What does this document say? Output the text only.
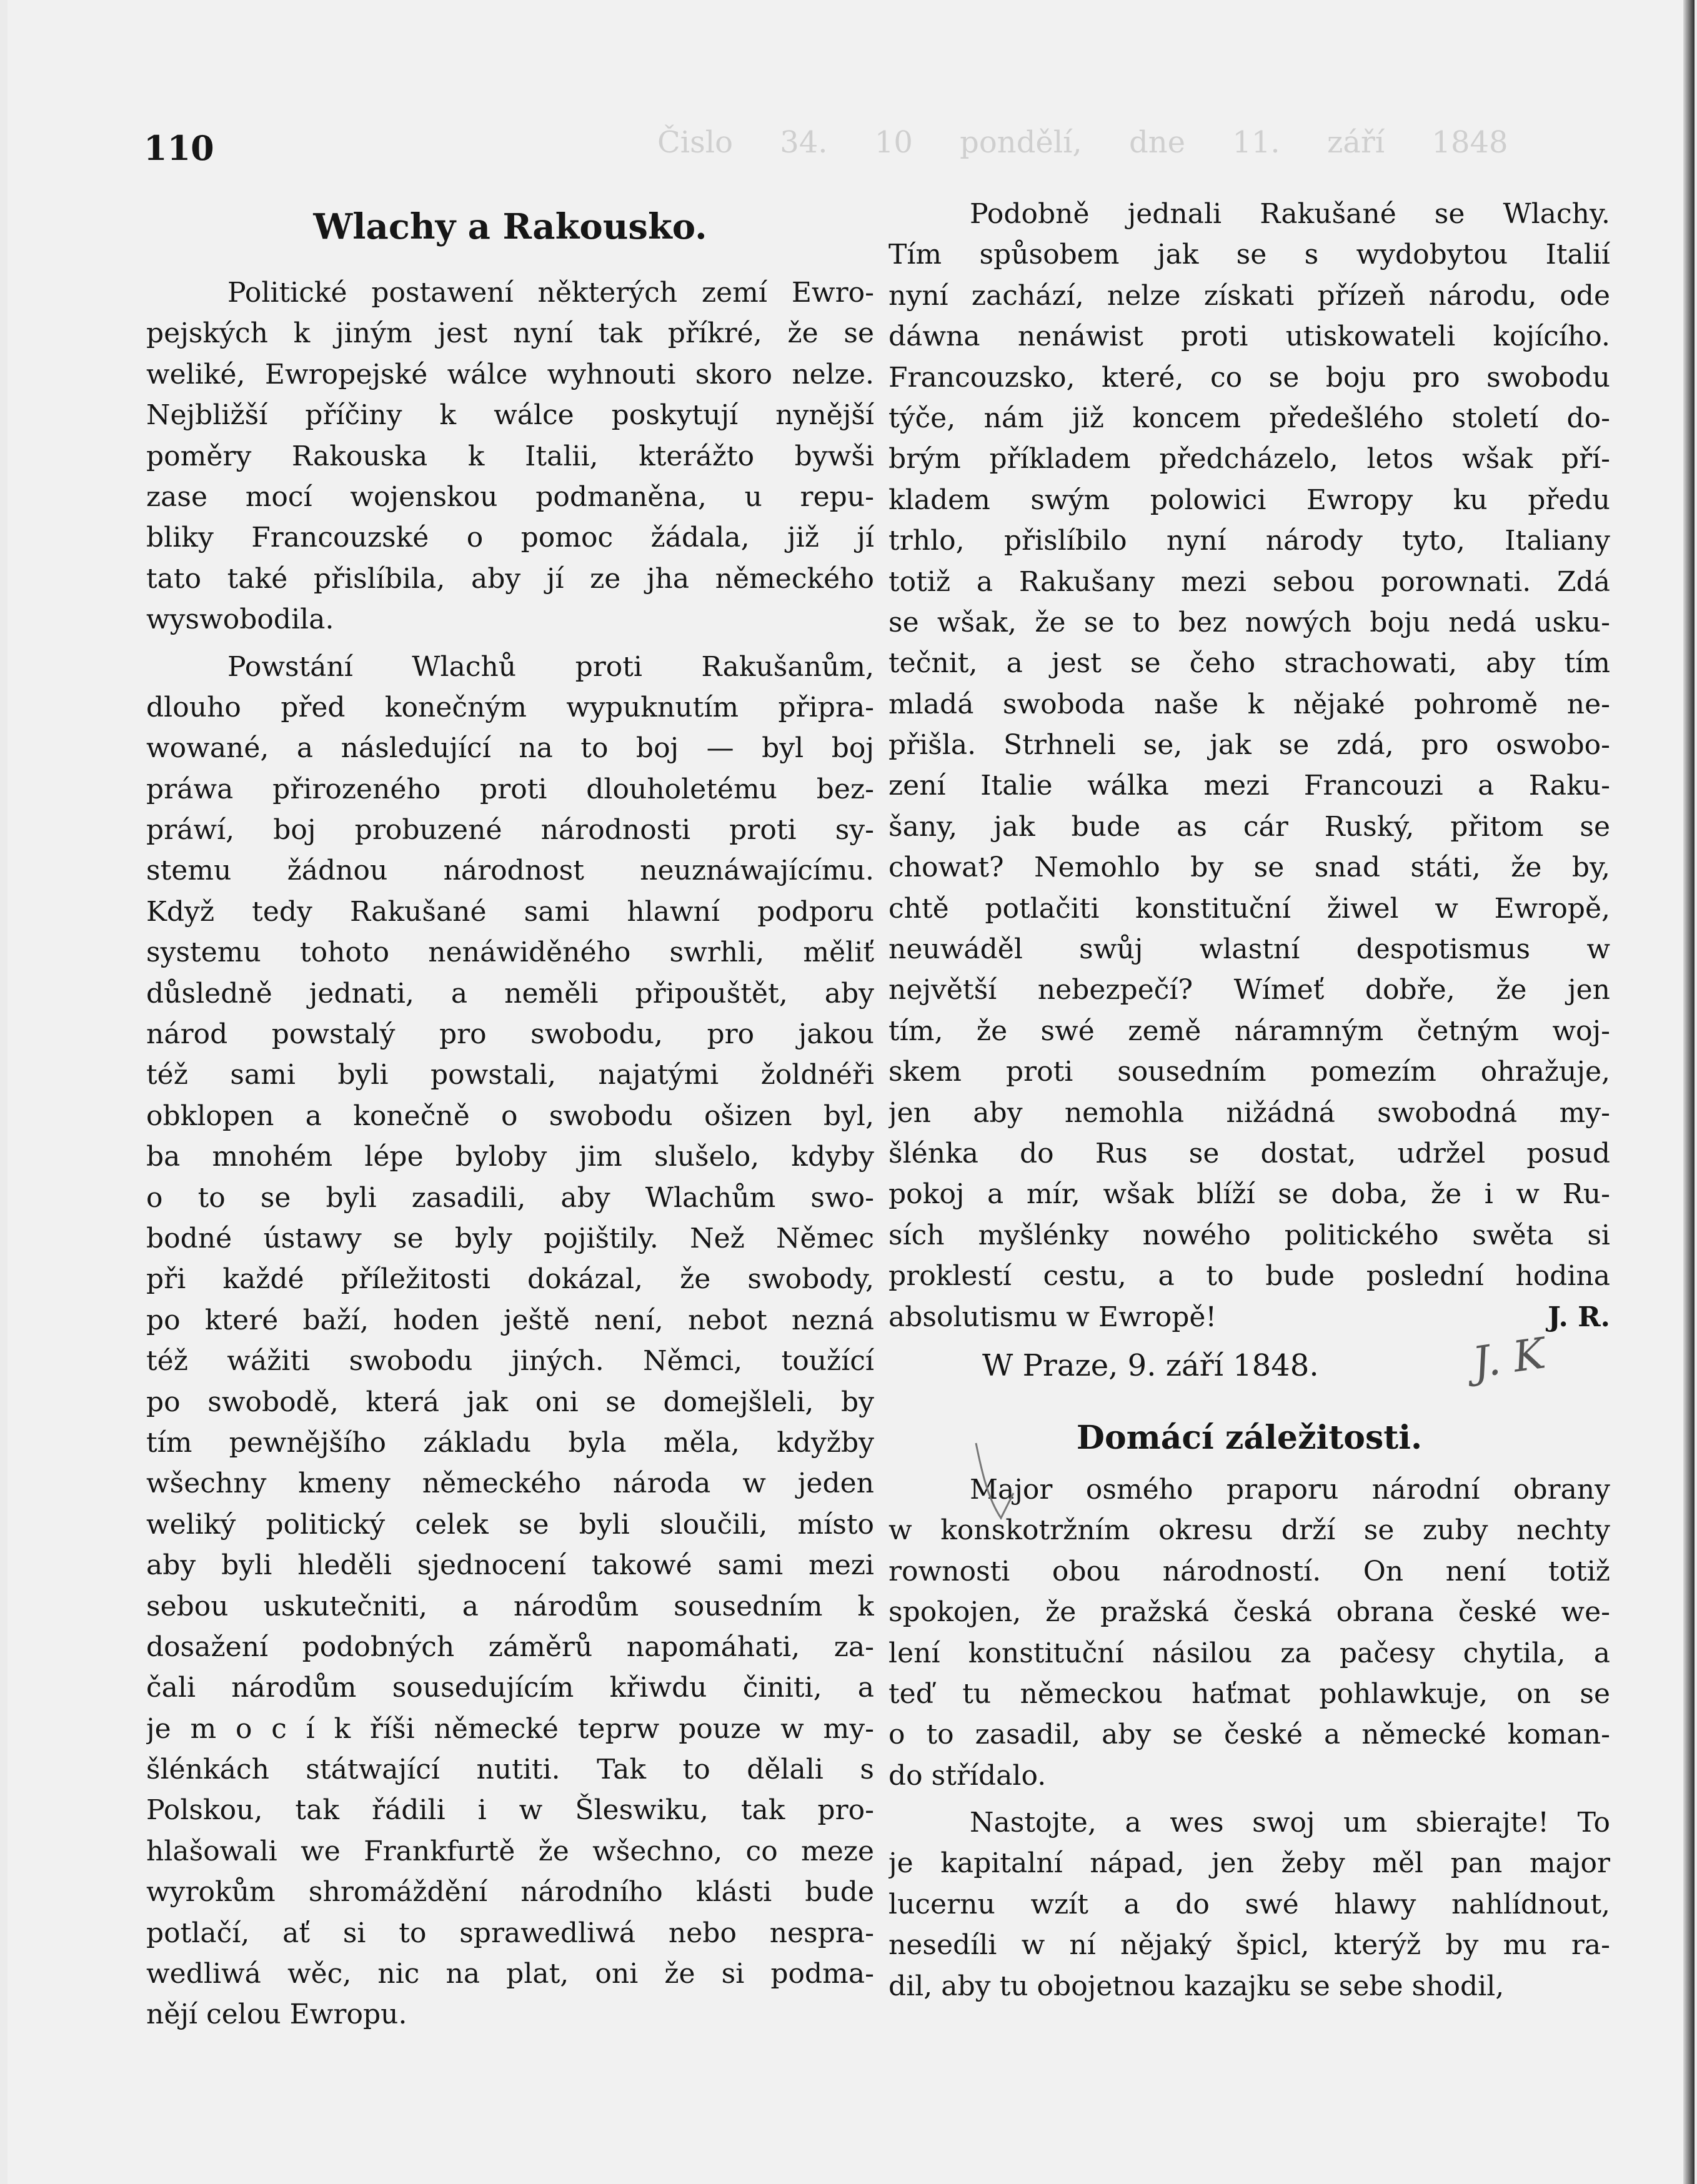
Čislo 34. 10 pondělí, dne 11. září 1848
110
Wlachy a Rakousko.
Politické postawení některých zemí Ewro-
pejských k jiným jest nyní tak příkré, že se
weliké, Ewropejské wálce wyhnouti skoro nelze.
Nejbližší příčiny k wálce poskytují nynější
poměry Rakouska k Italii, kterážto bywši
zase mocí wojenskou podmaněna, u repu-
bliky Francouzské o pomoc žádala, již jí
tato také přislíbila, aby jí ze jha německého
wyswobodila.
Powstání Wlachů proti Rakušanům,
dlouho před konečným wypuknutím připra-
wowané, a následující na to boj — byl boj
práwa přirozeného proti dlouholetému bez-
práwí, boj probuzené národnosti proti sy-
stemu žádnou národnost neuznáwajícímu.
Když tedy Rakušané sami hlawní podporu
systemu tohoto nenáwiděného swrhli, měliť
důsledně jednati, a neměli připouštět, aby
národ powstalý pro swobodu, pro jakou
též sami byli powstali, najatými žoldnéři
obklopen a konečně o swobodu ošizen byl,
ba mnohém lépe byloby jim slušelo, kdyby
o to se byli zasadili, aby Wlachům swo-
bodné ústawy se byly pojištily. Než Němec
při každé příležitosti dokázal, že swobody,
po které baží, hoden ještě není, nebot nezná
též wážiti swobodu jiných. Němci, toužící
po swobodě, která jak oni se domejšleli, by
tím pewnějšího základu byla měla, kdyžby
wšechny kmeny německého národa w jeden
weliký politický celek se byli sloučili, místo
aby byli hleděli sjednocení takowé sami mezi
sebou uskutečniti, a národům sousedním k
dosažení podobných záměrů napomáhati, za-
čali národům sousedujícím křiwdu činiti, a
je m o c í k říši německé teprw pouze w my-
šlénkách státwající nutiti. Tak to dělali s
Polskou, tak řádili i w Šleswiku, tak pro-
hlašowali we Frankfurtě že wšechno, co meze
wyrokům shromáždění národního klásti bude
potlačí, ať si to sprawedliwá nebo nespra-
wedliwá wěc, nic na plat, oni že si podma-
nějí celou Ewropu.
Podobně jednali Rakušané se Wlachy.
Tím spůsobem jak se s wydobytou Italií
nyní zachází, nelze získati přízeň národu, ode
dáwna nenáwist proti utiskowateli kojícího.
Francouzsko, které, co se boju pro swobodu
týče, nám již koncem předešlého století do-
brým příkladem předcházelo, letos wšak pří-
kladem swým polowici Ewropy ku předu
trhlo, přislíbilo nyní národy tyto, Italiany
totiž a Rakušany mezi sebou porownati. Zdá
se wšak, že se to bez nowých boju nedá usku-
tečnit, a jest se čeho strachowati, aby tím
mladá swoboda naše k nějaké pohromě ne-
přišla. Strhneli se, jak se zdá, pro oswobo-
zení Italie wálka mezi Francouzi a Raku-
šany, jak bude as cár Ruský, přitom se
chowat? Nemohlo by se snad státi, že by,
chtě potlačiti konstituční žiwel w Ewropě,
neuwáděl swůj wlastní despotismus w
největší nebezpečí? Wímeť dobře, že jen
tím, že swé země náramným četným woj-
skem proti sousedním pomezím ohražuje,
jen aby nemohla nižádná swobodná my-
šlénka do Rus se dostat, udržel posud
pokoj a mír, wšak blíží se doba, že i w Ru-
sích myšlénky nowého politického swěta si
proklestí cestu, a to bude poslední hodina
absolutismu w Ewropě!	J. R.
W Praze, 9. září 1848.
Domácí záležitosti.
Major osmého praporu národní obrany
w konskotržním okresu drží se zuby nechty
rownosti obou národností. On není totiž
spokojen, že pražská česká obrana české we-
lení konstituční násilou za pačesy chytila, a
teď tu německou haťmat pohlawkuje, on se
o to zasadil, aby se české a německé koman-
do střídalo.
Nastojte, a wes swoj um sbierajte! To
je kapitalní nápad, jen žeby měl pan major
lucernu wzít a do swé hlawy nahlídnout,
nesedíli w ní nějaký špicl, kterýž by mu ra-
dil, aby tu obojetnou kazajku se sebe shodil,
J. K
